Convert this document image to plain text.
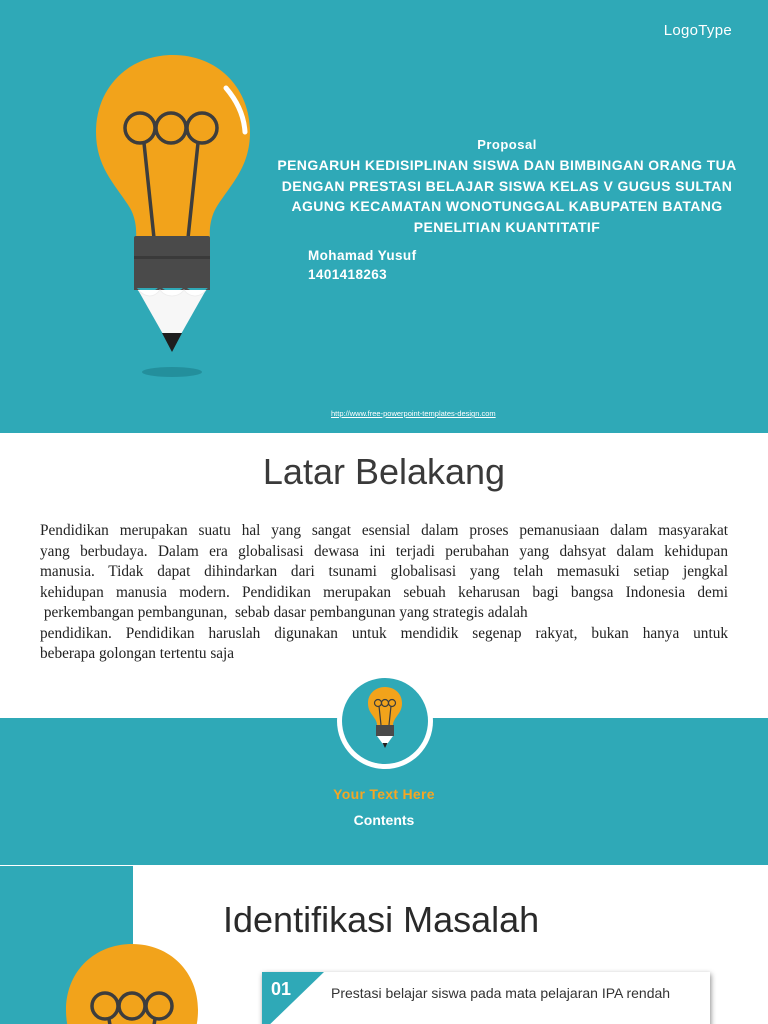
LogoType
Proposal
PENGARUH KEDISIPLINAN SISWA DAN BIMBINGAN ORANG TUA
DENGAN PRESTASI BELAJAR SISWA KELAS V GUGUS SULTAN
AGUNG KECAMATAN WONOTUNGGAL KABUPATEN BATANG
PENELITIAN KUANTITATIF
Mohamad Yusuf
1401418263
http://www.free-powerpoint-templates-design.com
Latar Belakang

Pendidikan merupakan suatu hal yang sangat esensial dalam proses pemanusiaan dalam masyarakat

yang berbudaya. Dalam era globalisasi dewasa ini terjadi perubahan yang dahsyat dalam kehidupan

manusia. Tidak dapat dihindarkan dari tsunami globalisasi yang telah memasuki setiap jengkal

kehidupan manusia modern. Pendidikan merupakan sebuah keharusan bagi bangsa Indonesia demi

perkembangan pembangunan,  sebab dasar pembangunan yang strategis adalah

pendidikan. Pendidikan haruslah digunakan untuk mendidik segenap rakyat, bukan hanya untuk

beberapa golongan tertentu saja

Your Text Here
Contents
Identifikasi Masalah
01	Prestasi belajar siswa pada mata pelajaran IPA rendah
